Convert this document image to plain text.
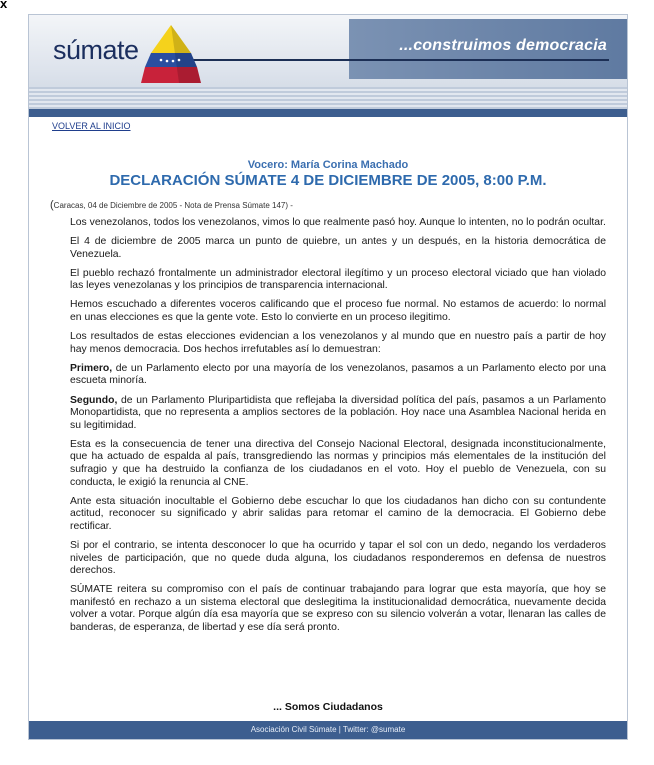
x
...construimos democracia
súmate
VOLVER AL INICIO
Vocero: María Corina Machado
DECLARACIÓN SÚMATE 4 DE DICIEMBRE DE 2005, 8:00 P.M.
(Caracas, 04 de Diciembre de 2005 - Nota de Prensa Súmate 147) -

Los venezolanos, todos los venezolanos, vimos lo que realmente pasó hoy. Aunque lo intenten, no lo podrán ocultar.

El 4 de diciembre de 2005 marca un punto de quiebre, un antes y un después, en la historia democrática de Venezuela.

El pueblo rechazó frontalmente un administrador electoral ilegítimo y un proceso electoral viciado que han violado las leyes venezolanas y los principios de transparencia internacional.

Hemos escuchado a diferentes voceros calificando que el proceso fue normal. No estamos de acuerdo: lo normal en unas elecciones es que la gente vote. Esto lo convierte en un proceso ilegitimo.

Los resultados de estas elecciones evidencian a los venezolanos y al mundo que en nuestro país a partir de hoy hay menos democracia. Dos hechos irrefutables así lo demuestran:

Primero, de un Parlamento electo por una mayoría de los venezolanos, pasamos a un Parlamento electo por una escueta minoría.

Segundo, de un Parlamento Pluripartidista que reflejaba la diversidad política del país, pasamos a un Parlamento Monopartidista, que no representa a amplios sectores de la población. Hoy nace una Asamblea Nacional herida en su legitimidad.

Esta es la consecuencia de tener una directiva del Consejo Nacional Electoral, designada inconstitucionalmente, que ha actuado de espalda al país, transgrediendo las normas y principios más elementales de la institución del sufragio y que ha destruido la confianza de los ciudadanos en el voto. Hoy el pueblo de Venezuela, con su conducta, le exigió la renuncia al CNE.

Ante esta situación inocultable el Gobierno debe escuchar lo que los ciudadanos han dicho con su contundente actitud, reconocer su significado y abrir salidas para retomar el camino de la democracia. El Gobierno debe rectificar.

Si por el contrario, se intenta desconocer lo que ha ocurrido y tapar el sol con un dedo, negando los verdaderos niveles de participación, que no quede duda alguna, los ciudadanos responderemos en defensa de nuestros derechos.

SÚMATE reitera su compromiso con el país de continuar trabajando para lograr que esta mayoría, que hoy se manifestó en rechazo a un sistema electoral que deslegitima la institucionalidad democrática, nuevamente decida volver a votar. Porque algún día esa mayoría que se expreso con su silencio volverán a votar, llenaran las calles de banderas, de esperanza, de libertad y ese día será pronto.

... Somos Ciudadanos
Asociación Civil Súmate | Twitter: @sumate
